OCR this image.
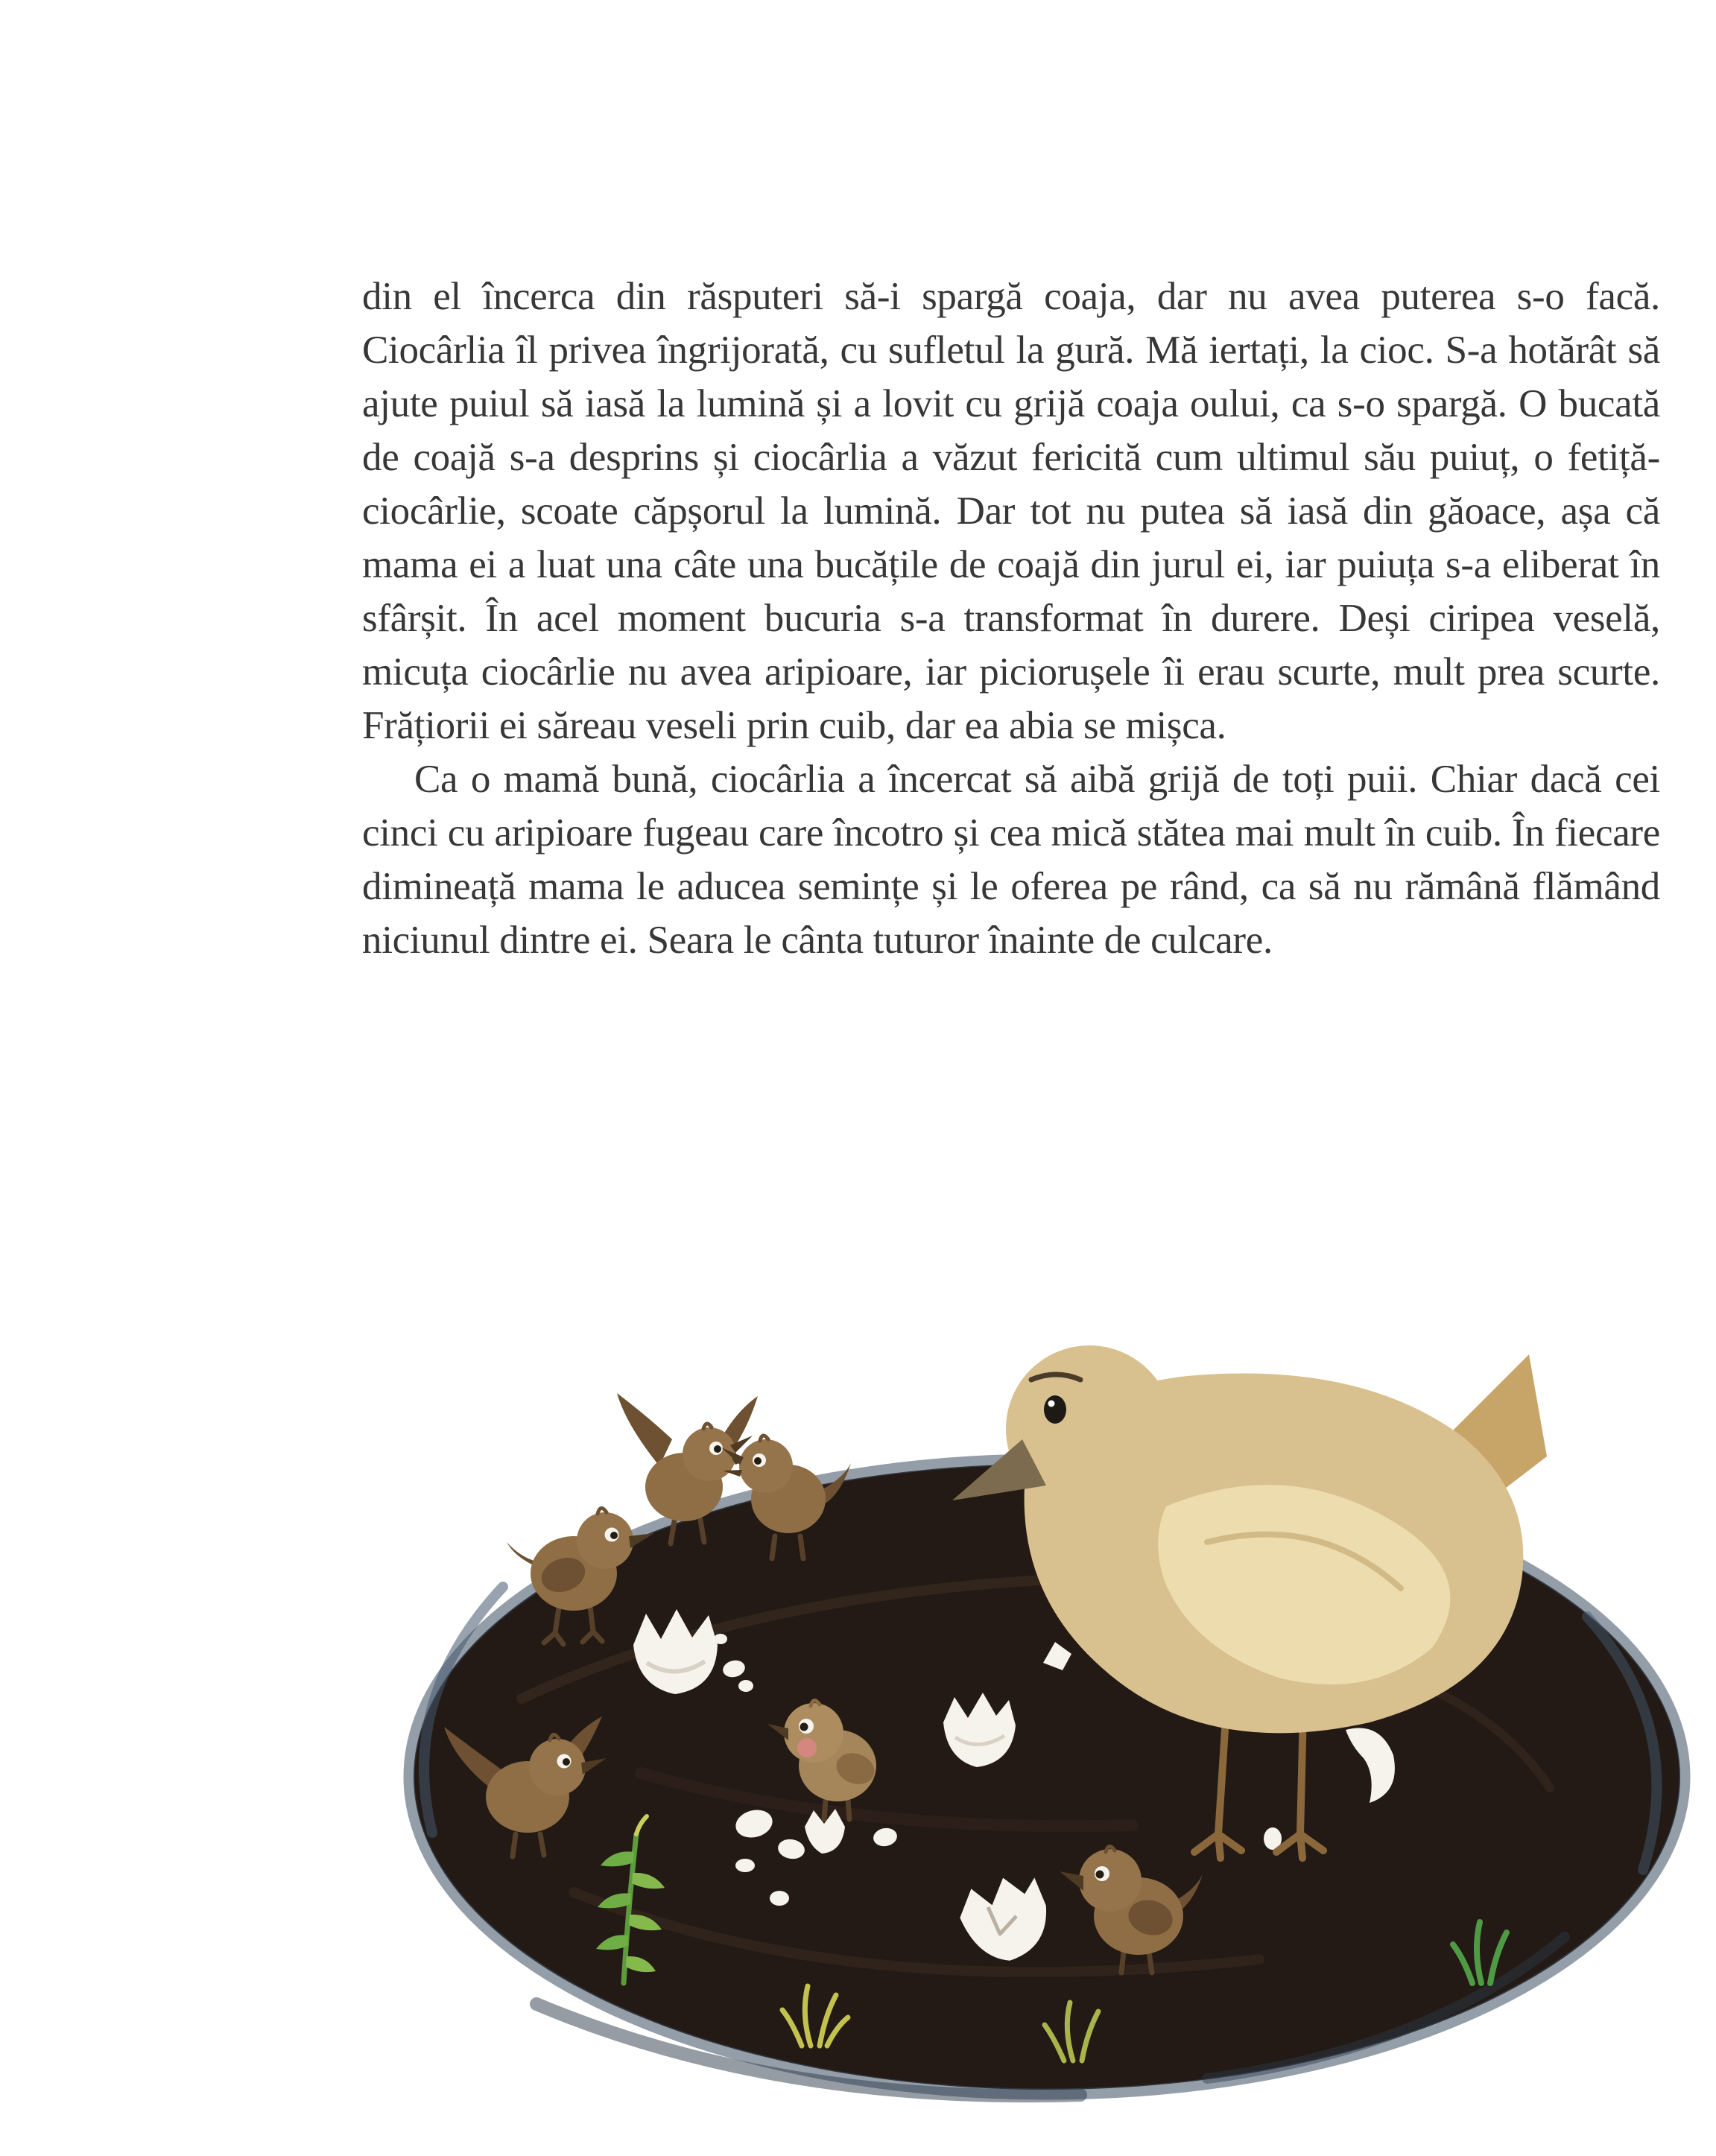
din el încerca din răsputeri să-i spargă coaja, dar nu avea puterea s-o facă. Ciocârlia îl privea îngrijorată, cu sufletul la gură. Mă iertați, la cioc. S-a hotărât să ajute puiul să iasă la lumină și a lovit cu grijă coaja oului, ca s-o spargă. O bucată de coajă s-a desprins și ciocârlia a văzut fericită cum ultimul său puiuț, o fetiță-ciocârlie, scoate căpșorul la lumină. Dar tot nu putea să iasă din găoace, așa că mama ei a luat una câte una bucățile de coajă din jurul ei, iar puiuța s-a eliberat în sfârșit. În acel moment bucuria s-a transformat în durere. Deși ciripea veselă, micuța ciocârlie nu avea aripioare, iar piciorușele îi erau scurte, mult prea scurte. Frățiorii ei săreau veseli prin cuib, dar ea abia se mișca.

Ca o mamă bună, ciocârlia a încercat să aibă grijă de toți puii. Chiar dacă cei cinci cu aripioare fugeau care încotro și cea mică stătea mai mult în cuib. În fiecare dimineață mama le aducea semințe și le oferea pe rând, ca să nu rămână flămând niciunul dintre ei. Seara le cânta tuturor înainte de culcare.
